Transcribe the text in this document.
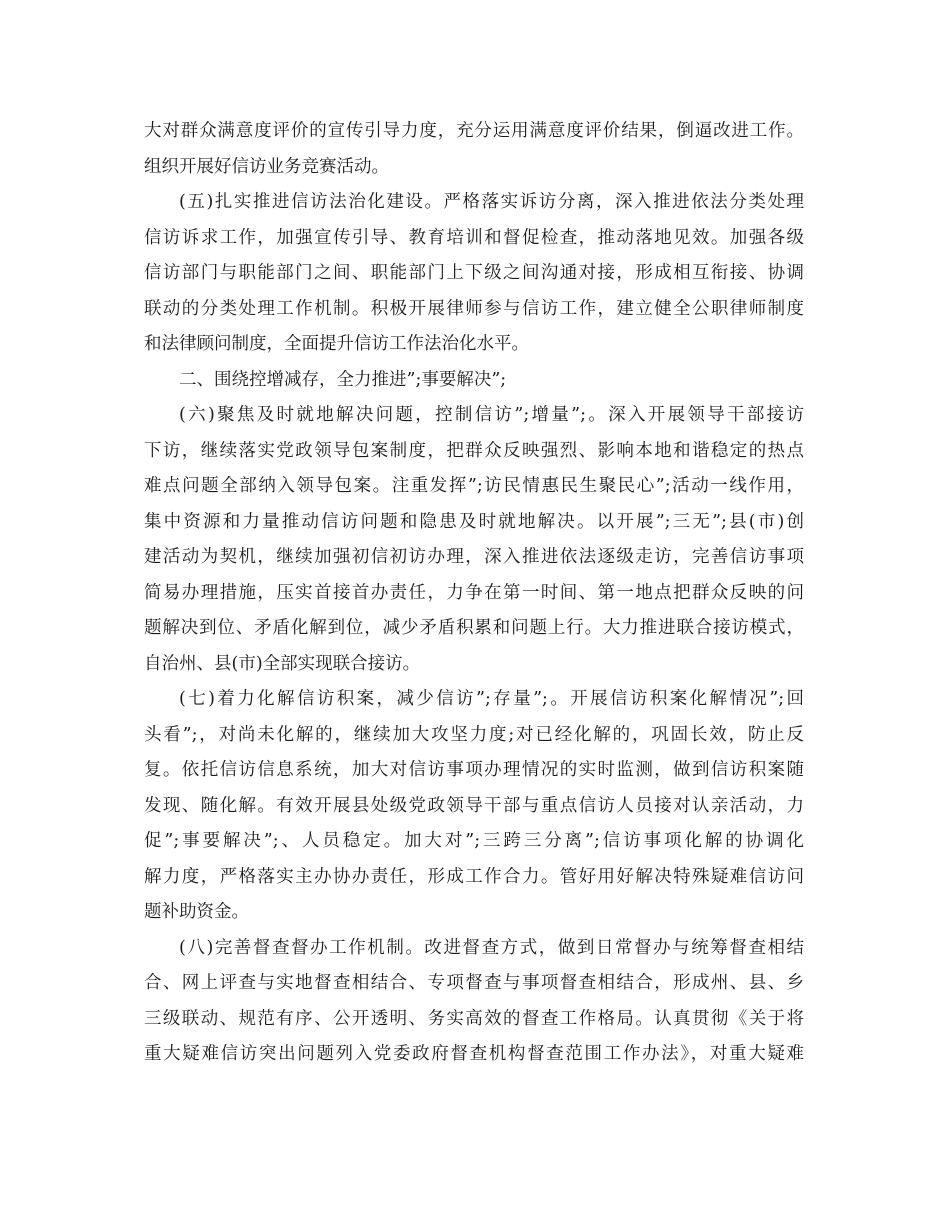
大对群众满意度评价的宣传引导力度，充分运用满意度评价结果，倒逼改进工作。
组织开展好信访业务竞赛活动。
(五)扎实推进信访法治化建设。严格落实诉访分离，深入推进依法分类处理
信访诉求工作，加强宣传引导、教育培训和督促检查，推动落地见效。加强各级
信访部门与职能部门之间、职能部门上下级之间沟通对接，形成相互衔接、协调
联动的分类处理工作机制。积极开展律师参与信访工作，建立健全公职律师制度
和法律顾问制度，全面提升信访工作法治化水平。
二、围绕控增减存，全力推进”;事要解决”;
(六)聚焦及时就地解决问题，控制信访”;增量”;。深入开展领导干部接访
下访，继续落实党政领导包案制度，把群众反映强烈、影响本地和谐稳定的热点
难点问题全部纳入领导包案。注重发挥”;访民情惠民生聚民心”;活动一线作用，
集中资源和力量推动信访问题和隐患及时就地解决。以开展”;三无”;县(市)创
建活动为契机，继续加强初信初访办理，深入推进依法逐级走访，完善信访事项
简易办理措施，压实首接首办责任，力争在第一时间、第一地点把群众反映的问
题解决到位、矛盾化解到位，减少矛盾积累和问题上行。大力推进联合接访模式，
自治州、县(市)全部实现联合接访。
(七)着力化解信访积案，减少信访”;存量”;。开展信访积案化解情况”;回
头看”;，对尚未化解的，继续加大攻坚力度;对已经化解的，巩固长效，防止反
复。依托信访信息系统，加大对信访事项办理情况的实时监测，做到信访积案随
发现、随化解。有效开展县处级党政领导干部与重点信访人员接对认亲活动，力
促”;事要解决”;、人员稳定。加大对”;三跨三分离”;信访事项化解的协调化
解力度，严格落实主办协办责任，形成工作合力。管好用好解决特殊疑难信访问
题补助资金。
(八)完善督查督办工作机制。改进督查方式，做到日常督办与统筹督查相结
合、网上评查与实地督查相结合、专项督查与事项督查相结合，形成州、县、乡
三级联动、规范有序、公开透明、务实高效的督查工作格局。认真贯彻《关于将
重大疑难信访突出问题列入党委政府督查机构督查范围工作办法》，对重大疑难
